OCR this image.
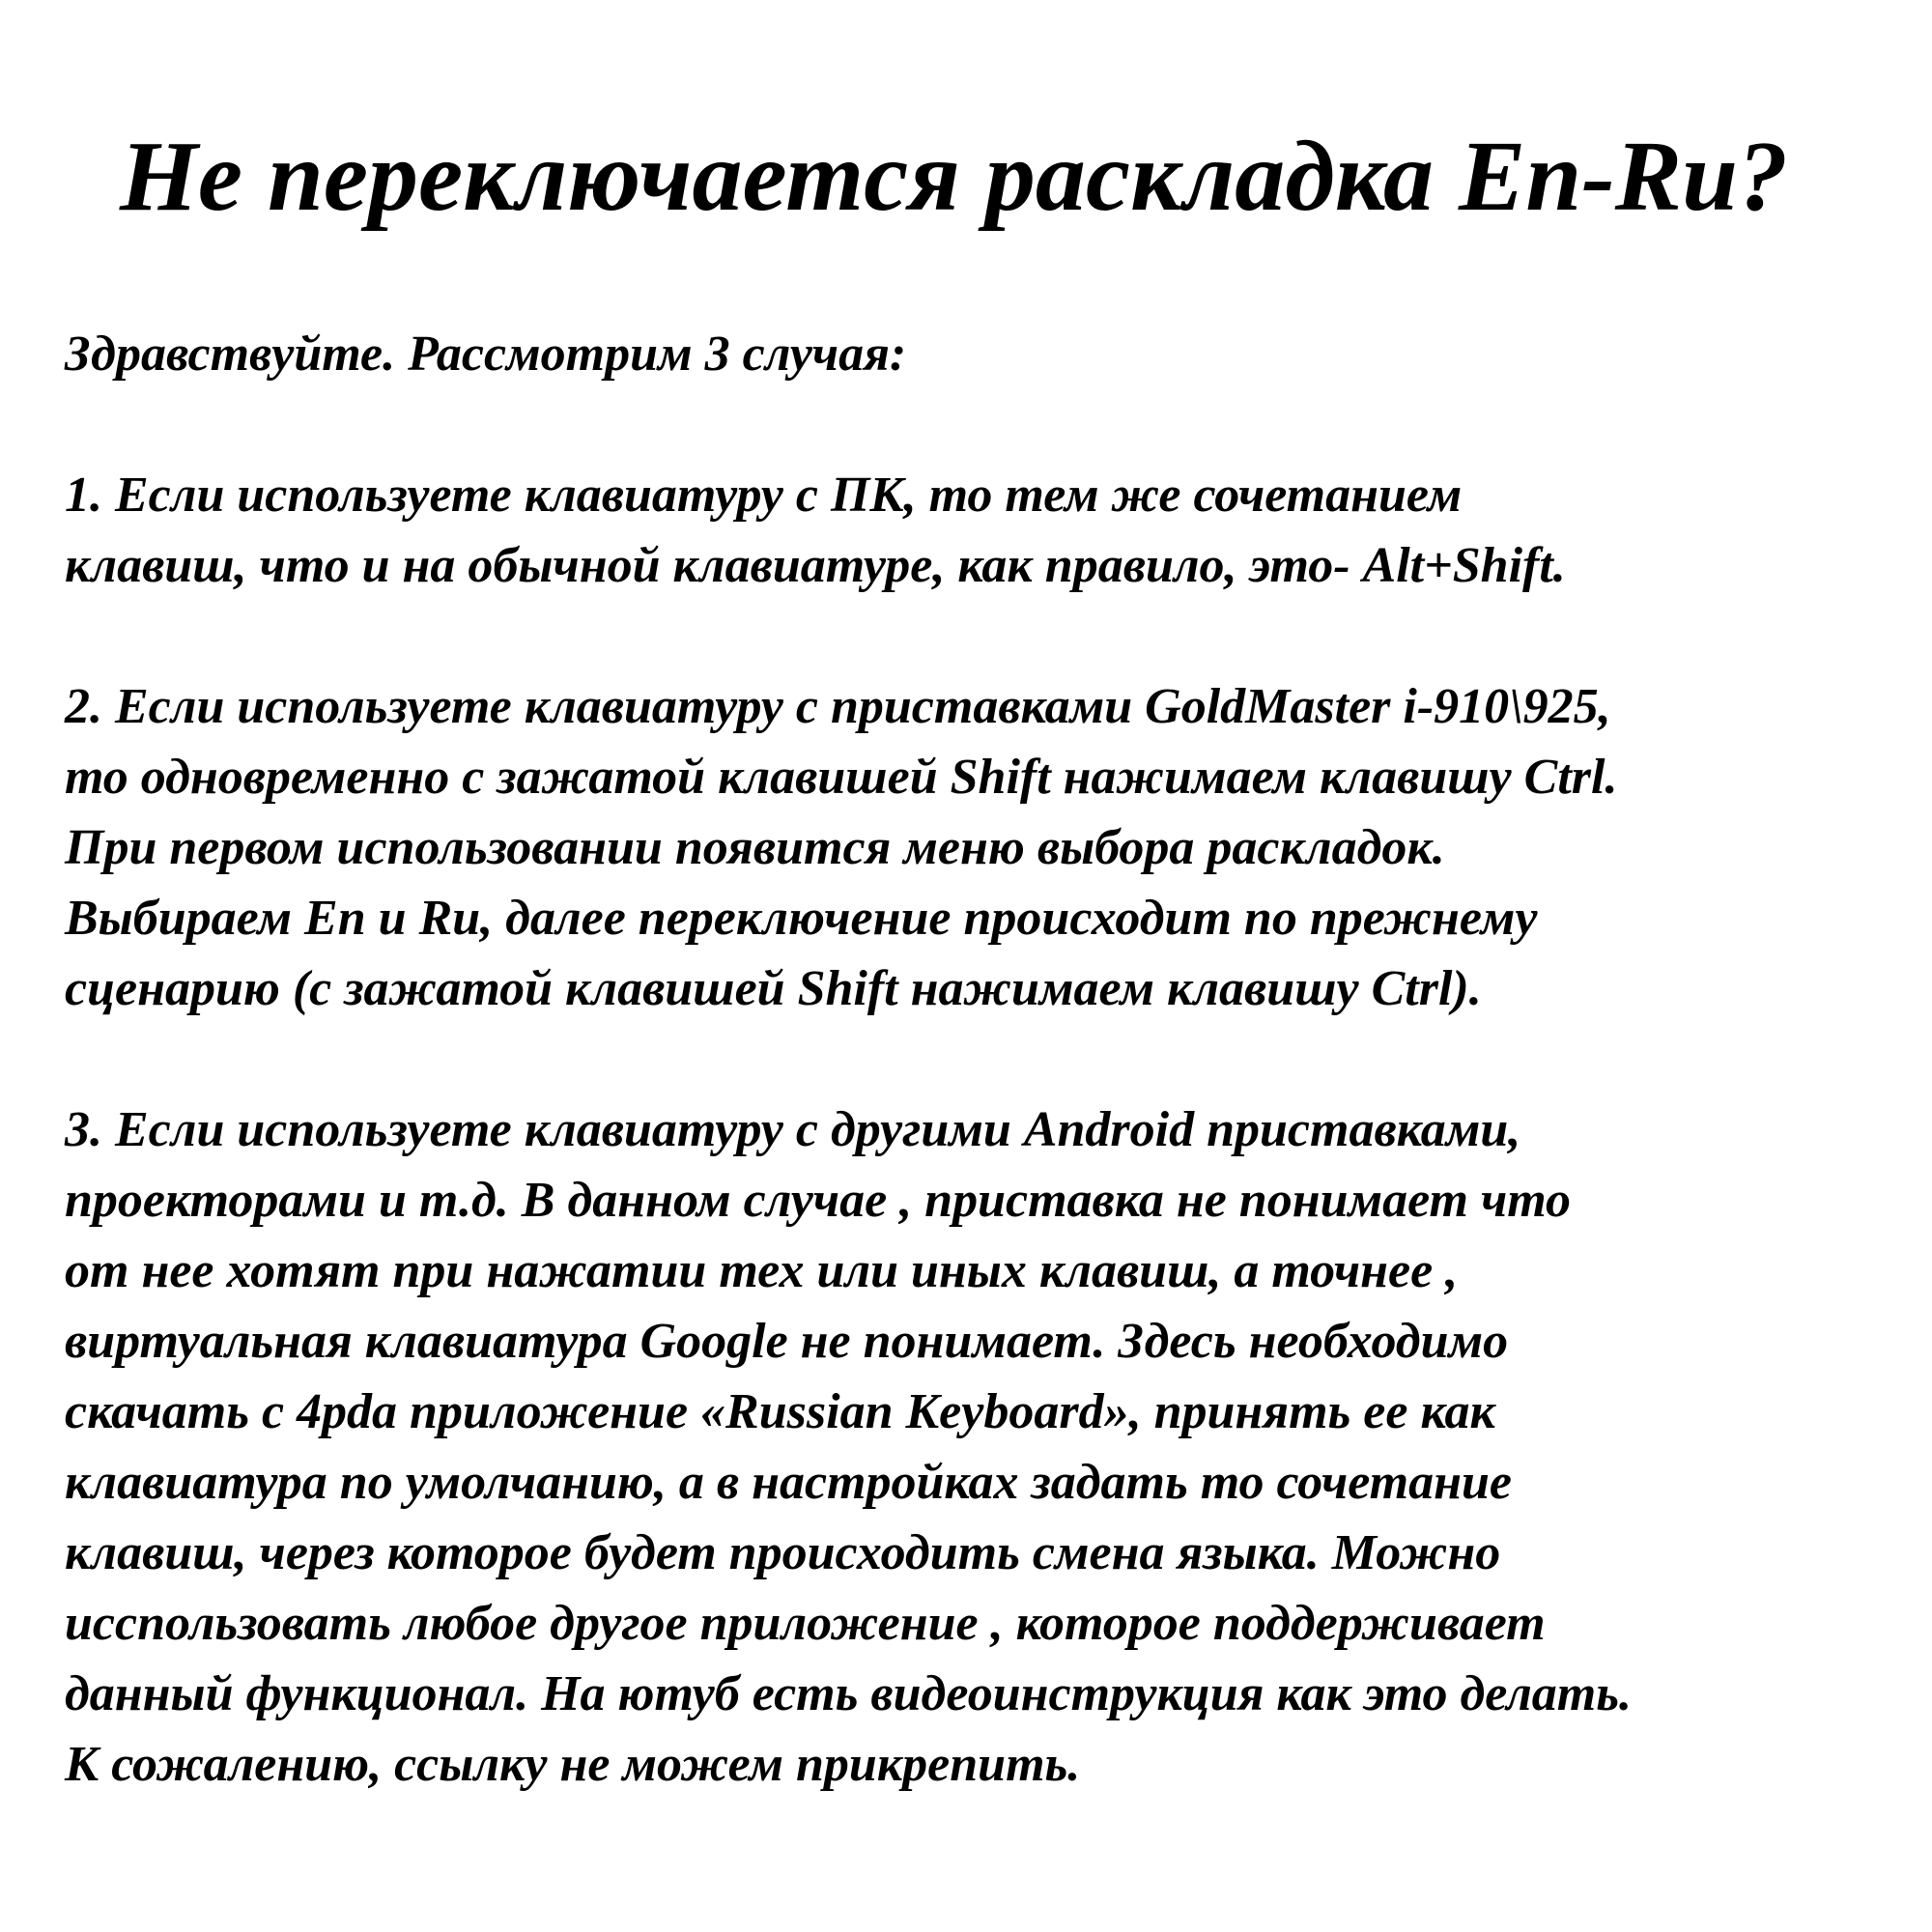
Не переключается раскладка En-Ru?
Здравствуйте. Рассмотрим 3 случая:
1. Если используете клавиатуру с ПК, то тем же сочетанием
клавиш, что и на обычной клавиатуре, как правило, это- Alt+Shift.
2. Если используете клавиатуру с приставками GoldMaster i-910\925,
то одновременно с зажатой клавишей Shift нажимаем клавишу Ctrl.
При первом использовании появится меню выбора раскладок.
Выбираем En и Ru, далее переключение происходит по прежнему
сценарию (с зажатой клавишей Shift нажимаем клавишу Ctrl).
3. Если используете клавиатуру с другими Android приставками,
проекторами и т.д. В данном случае , приставка не понимает что
от нее хотят при нажатии тех или иных клавиш, а точнее ,
виртуальная клавиатура Google не понимает. Здесь необходимо
скачать с 4pda приложение «Russian Keyboard», принять ее как
клавиатура по умолчанию, а в настройках задать то сочетание
клавиш, через которое будет происходить смена языка. Можно
исспользовать любое другое приложение , которое поддерживает
данный функционал. На ютуб есть видеоинструкция как это делать.
К сожалению, ссылку не можем прикрепить.
